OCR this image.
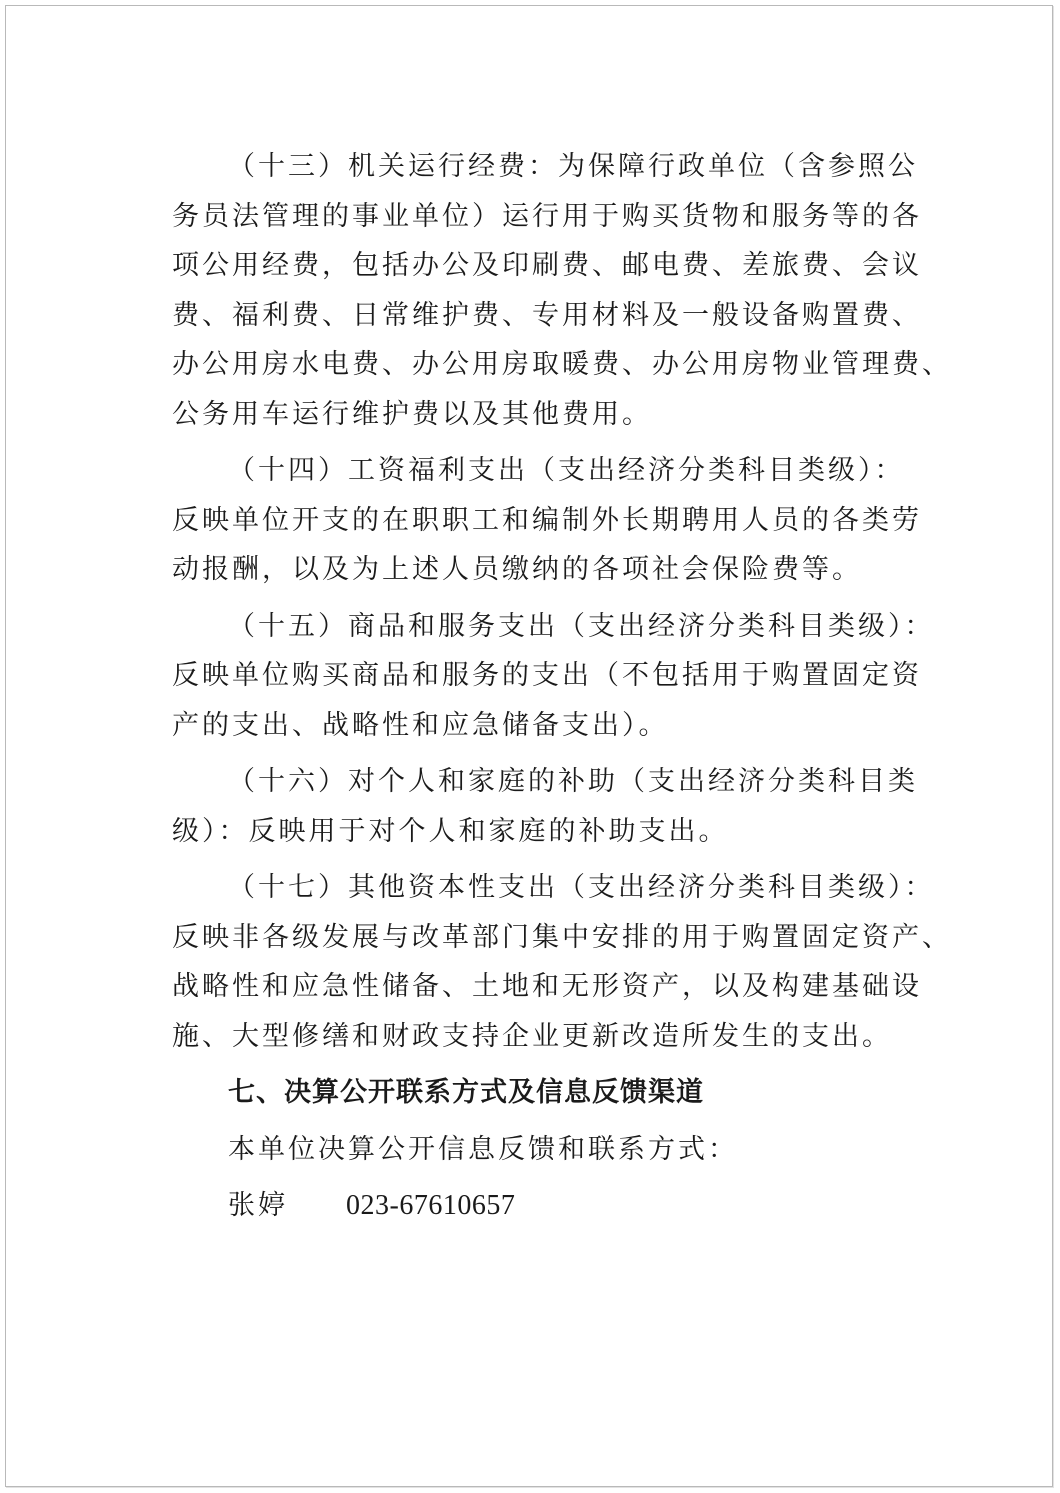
（十三）机关运行经费：为保障行政单位（含参照公
务员法管理的事业单位）运行用于购买货物和服务等的各
项公用经费，包括办公及印刷费、邮电费、差旅费、会议
费、福利费、日常维护费、专用材料及一般设备购置费、
办公用房水电费、办公用房取暖费、办公用房物业管理费、
公务用车运行维护费以及其他费用。
（十四）工资福利支出（支出经济分类科目类级）：
反映单位开支的在职职工和编制外长期聘用人员的各类劳
动报酬，以及为上述人员缴纳的各项社会保险费等。
（十五）商品和服务支出（支出经济分类科目类级）：
反映单位购买商品和服务的支出（不包括用于购置固定资
产的支出、战略性和应急储备支出）。
（十六）对个人和家庭的补助（支出经济分类科目类
级）：反映用于对个人和家庭的补助支出。
（十七）其他资本性支出（支出经济分类科目类级）：
反映非各级发展与改革部门集中安排的用于购置固定资产、
战略性和应急性储备、土地和无形资产，以及构建基础设
施、大型修缮和财政支持企业更新改造所发生的支出。
七、决算公开联系方式及信息反馈渠道
本单位决算公开信息反馈和联系方式：
张婷 023-67610657
